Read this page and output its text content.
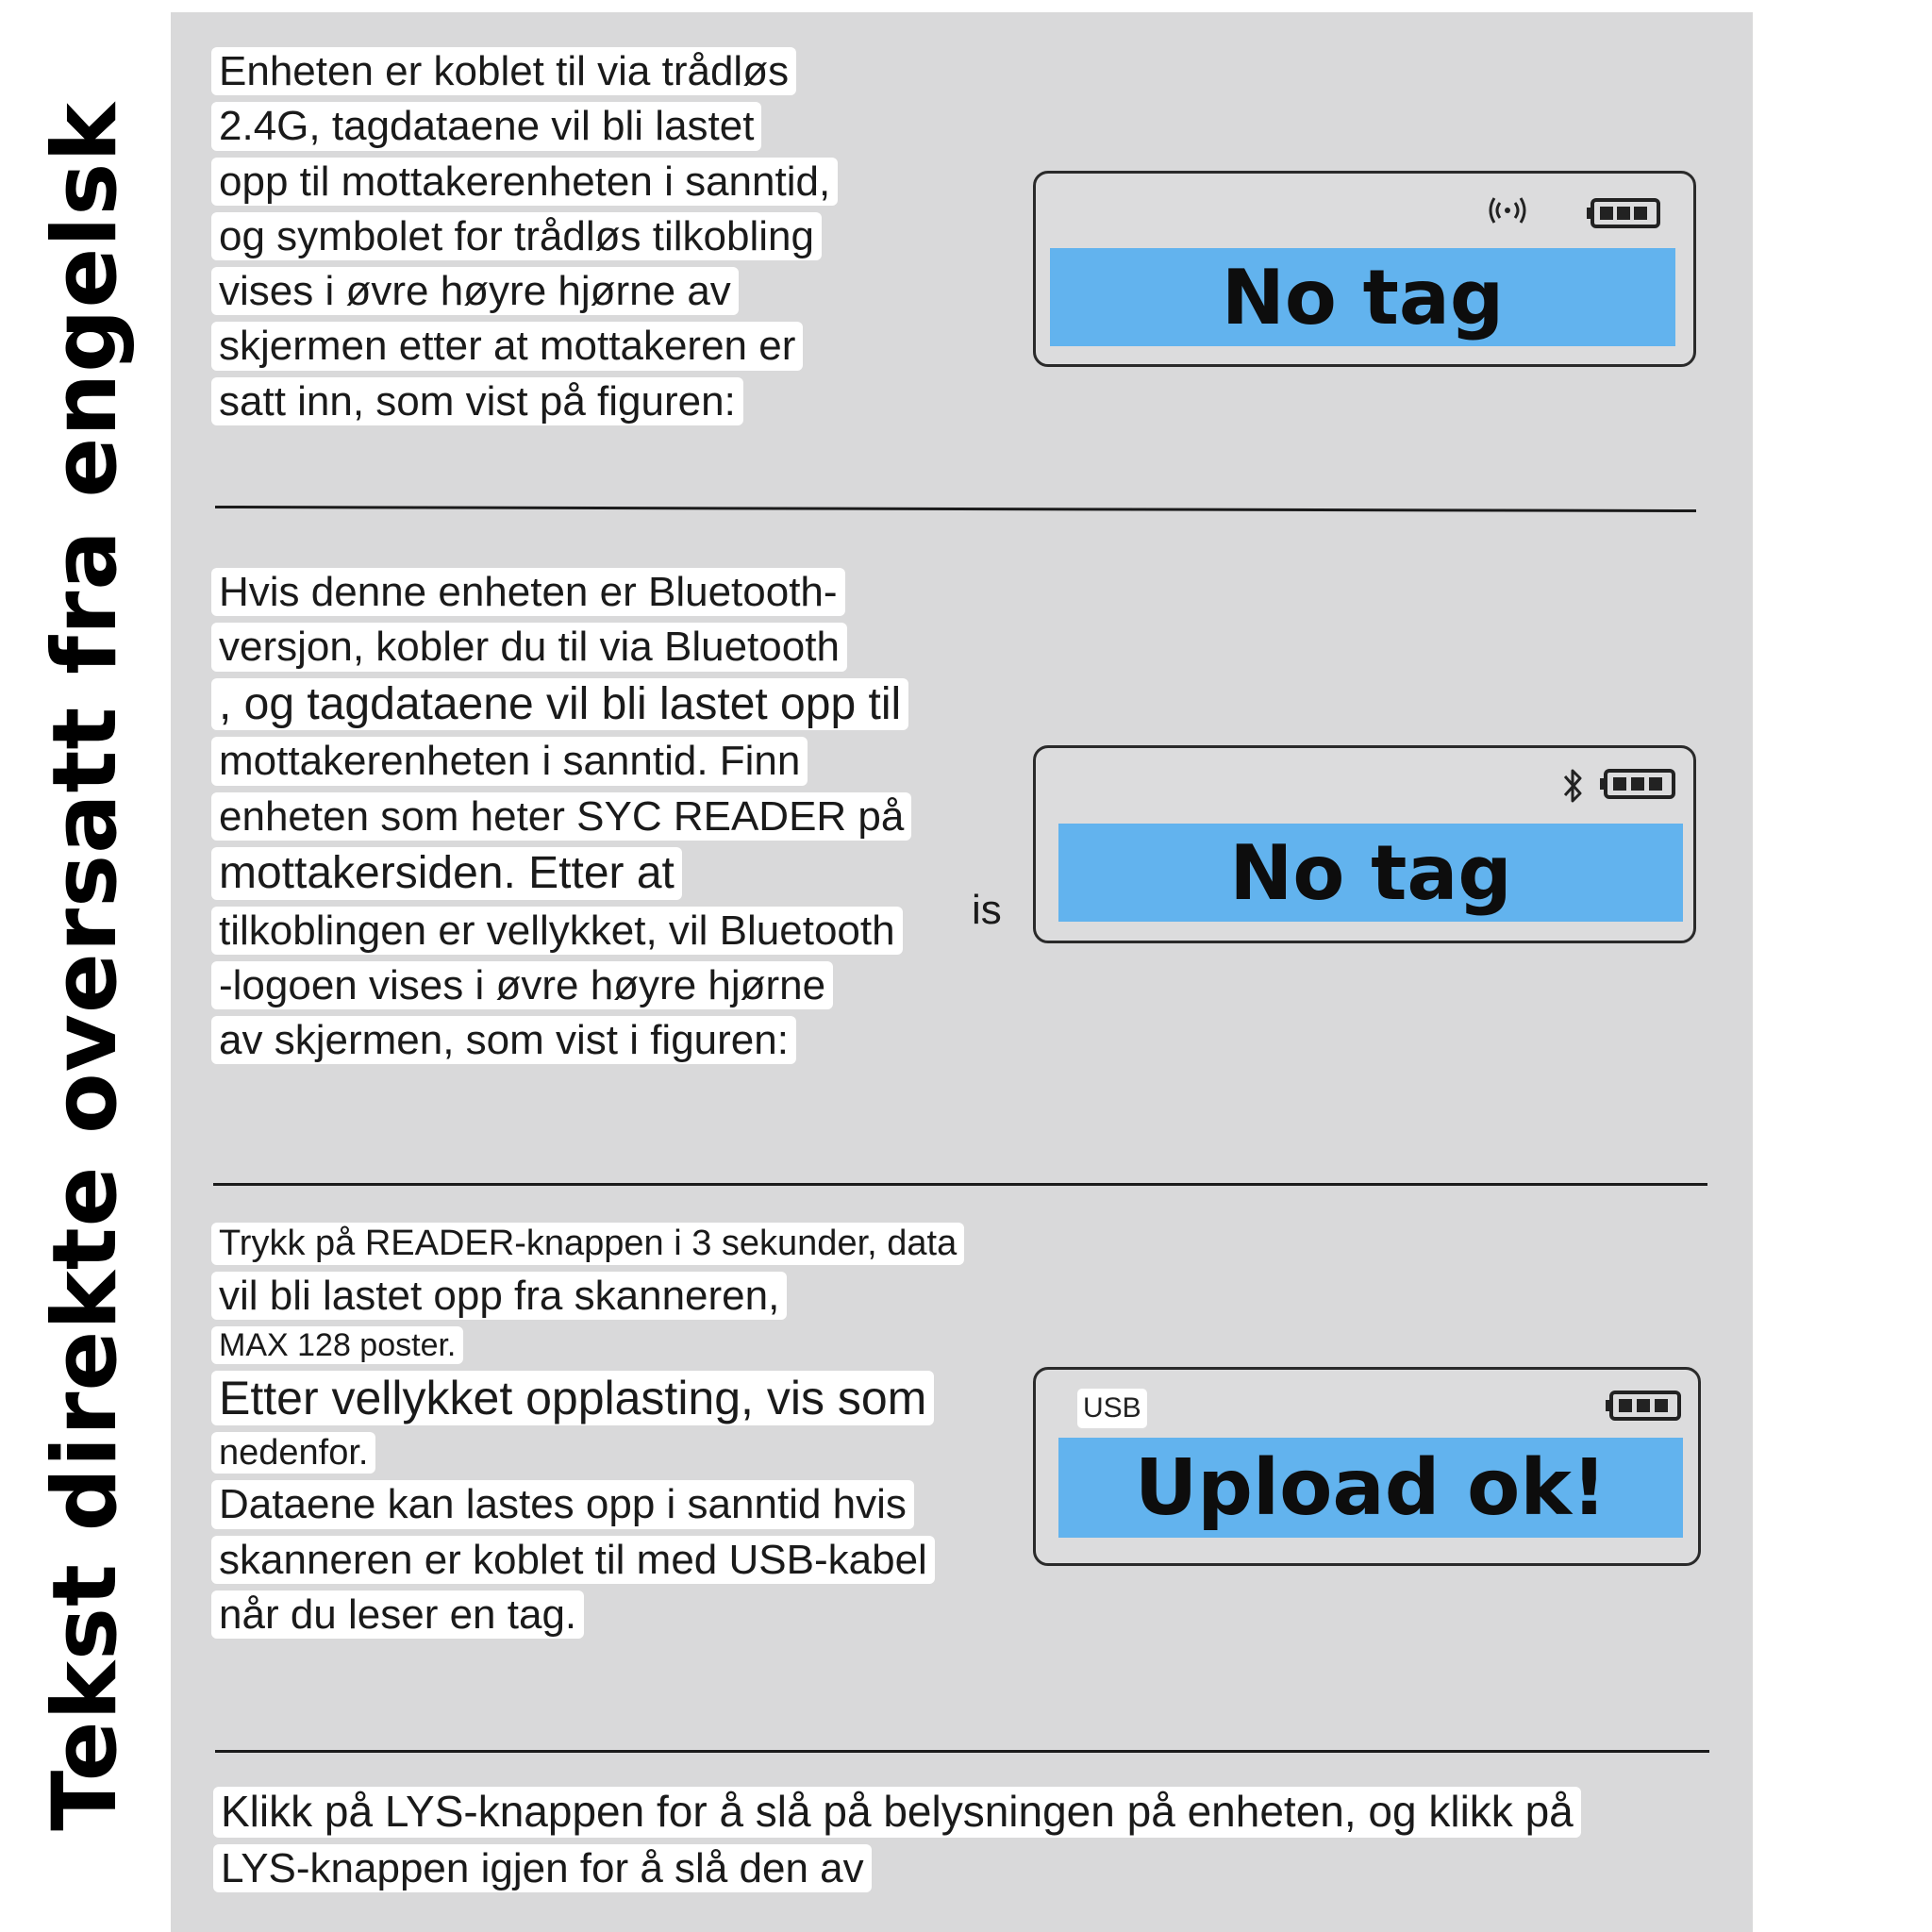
Tekst direkte oversatt fra engelsk
Enheten er koblet til via trådløs
2.4G, tagdataene vil bli lastet
opp til mottakerenheten i sanntid,
og symbolet for trådløs tilkobling
vises i øvre høyre hjørne av
skjermen etter at mottakeren er
satt inn, som vist på figuren:
No tag
Hvis denne enheten er Bluetooth-
versjon, kobler du til via Bluetooth
, og tagdataene vil bli lastet opp til
mottakerenheten i sanntid. Finn
enheten som heter SYC READER på
mottakersiden. Etter at
tilkoblingen er vellykket, vil Bluetooth
-logoen vises i øvre høyre hjørne
av skjermen, som vist i figuren:
is	No tag
Trykk på READER-knappen i 3 sekunder, data
vil bli lastet opp fra skanneren,
MAX 128 poster.
Etter vellykket opplasting, vis som
nedenfor.
Dataene kan lastes opp i sanntid hvis
skanneren er koblet til med USB-kabel
når du leser en tag.
USB
Upload ok!
Klikk på LYS-knappen for å slå på belysningen på enheten, og klikk på
LYS-knappen igjen for å slå den av
